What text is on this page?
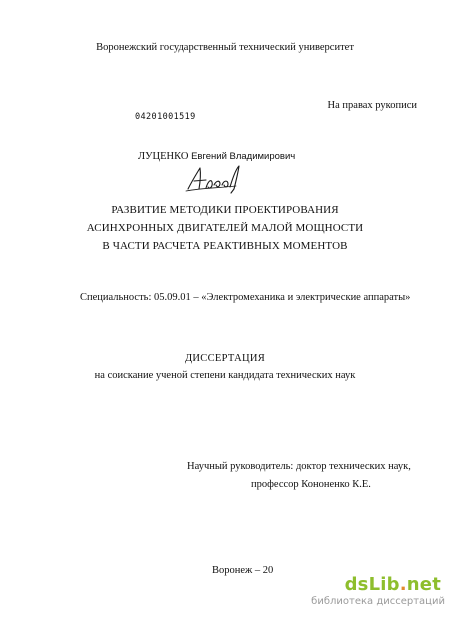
Воронежский государственный технический университет
На правах рукописи
04201001519
ЛУЦЕНКО Евгений Владимирович
РАЗВИТИЕ МЕТОДИКИ ПРОЕКТИРОВАНИЯ
АСИНХРОННЫХ ДВИГАТЕЛЕЙ МАЛОЙ МОЩНОСТИ
В ЧАСТИ РАСЧЕТА РЕАКТИВНЫХ МОМЕНТОВ
Специальность: 05.09.01 – «Электромеханика и электрические аппараты»
ДИССЕРТАЦИЯ
на соискание ученой степени кандидата технических наук
Научный руководитель: доктор технических наук,
профессор Кононенко К.Е.
Воронеж – 20
dsLib.net
библиотека диссертаций
